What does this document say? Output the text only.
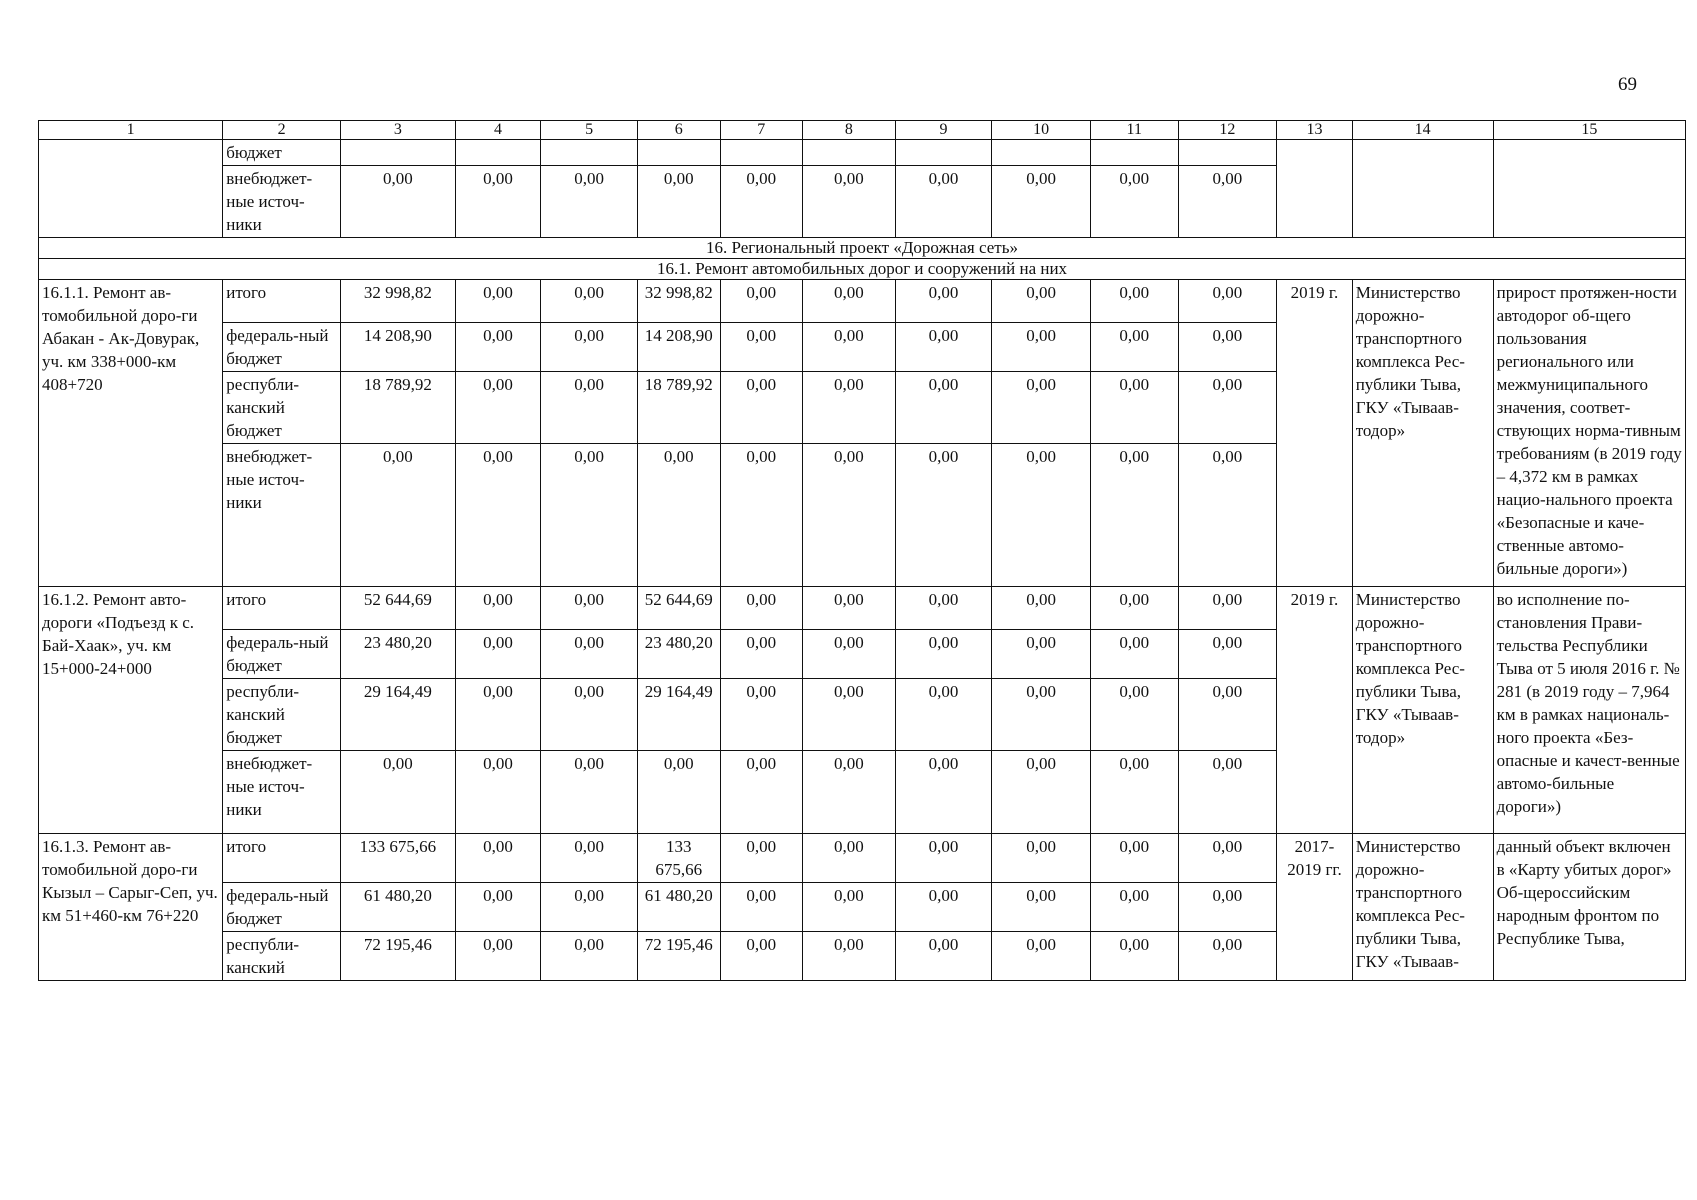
69
1	2	3	4	5	6	7	8	9	10	11	12	13	14	15
	бюджет													
	внебюджет-ные источ-ники	0,00	0,00	0,00	0,00	0,00	0,00	0,00	0,00	0,00	0,00			
16. Региональный проект «Дорожная сеть»														
16.1. Ремонт автомобильных дорог и сооружений на них														
16.1.1. Ремонт ав-томобильной доро-ги Абакан - Ак-Довурак, уч. км 338+000-км 408+720	итого	32 998,82	0,00	0,00	32 998,82	0,00	0,00	0,00	0,00	0,00	0,00	2019 г.	Министерство дорожно-транспортного комплекса Рес-публики Тыва, ГКУ «Тываав-тодор»	прирост протяжен-ности автодорог об-щего пользования регионального или межмуниципального значения, соответ-ствующих норма-тивным требованиям (в 2019 году – 4,372 км в рамках нацио-нального проекта «Безопасные и каче-ственные автомо-бильные дороги»)
	федераль-ный бюджет	14 208,90	0,00	0,00	14 208,90	0,00	0,00	0,00	0,00	0,00	0,00			
	республи-канский бюджет	18 789,92	0,00	0,00	18 789,92	0,00	0,00	0,00	0,00	0,00	0,00			
	внебюджет-ные источ-ники	0,00	0,00	0,00	0,00	0,00	0,00	0,00	0,00	0,00	0,00			
16.1.2. Ремонт авто-дороги «Подъезд к с. Бай-Хаак», уч. км 15+000-24+000	итого	52 644,69	0,00	0,00	52 644,69	0,00	0,00	0,00	0,00	0,00	0,00	2019 г.	Министерство дорожно-транспортного комплекса Рес-публики Тыва, ГКУ «Тываав-тодор»	во исполнение по-становления Прави-тельства Республики Тыва от 5 июля 2016 г. № 281 (в 2019 году – 7,964 км в рамках националь-ного проекта «Без-опасные и качест-венные автомо-бильные дороги»)
	федераль-ный бюджет	23 480,20	0,00	0,00	23 480,20	0,00	0,00	0,00	0,00	0,00	0,00			
	республи-канский бюджет	29 164,49	0,00	0,00	29 164,49	0,00	0,00	0,00	0,00	0,00	0,00			
	внебюджет-ные источ-ники	0,00	0,00	0,00	0,00	0,00	0,00	0,00	0,00	0,00	0,00			
16.1.3. Ремонт ав-томобильной доро-ги Кызыл – Сарыг-Сеп, уч. км 51+460-км 76+220	итого	133 675,66	0,00	0,00	133 675,66	0,00	0,00	0,00	0,00	0,00	0,00	2017-2019 гг.	Министерство дорожно-транспортного комплекса Рес-публики Тыва, ГКУ «Тываав-	данный объект включен в «Карту убитых дорог» Об-щероссийским народным фронтом по Республике Тыва,
	федераль-ный бюджет	61 480,20	0,00	0,00	61 480,20	0,00	0,00	0,00	0,00	0,00	0,00			
	республи-канский	72 195,46	0,00	0,00	72 195,46	0,00	0,00	0,00	0,00	0,00	0,00			
